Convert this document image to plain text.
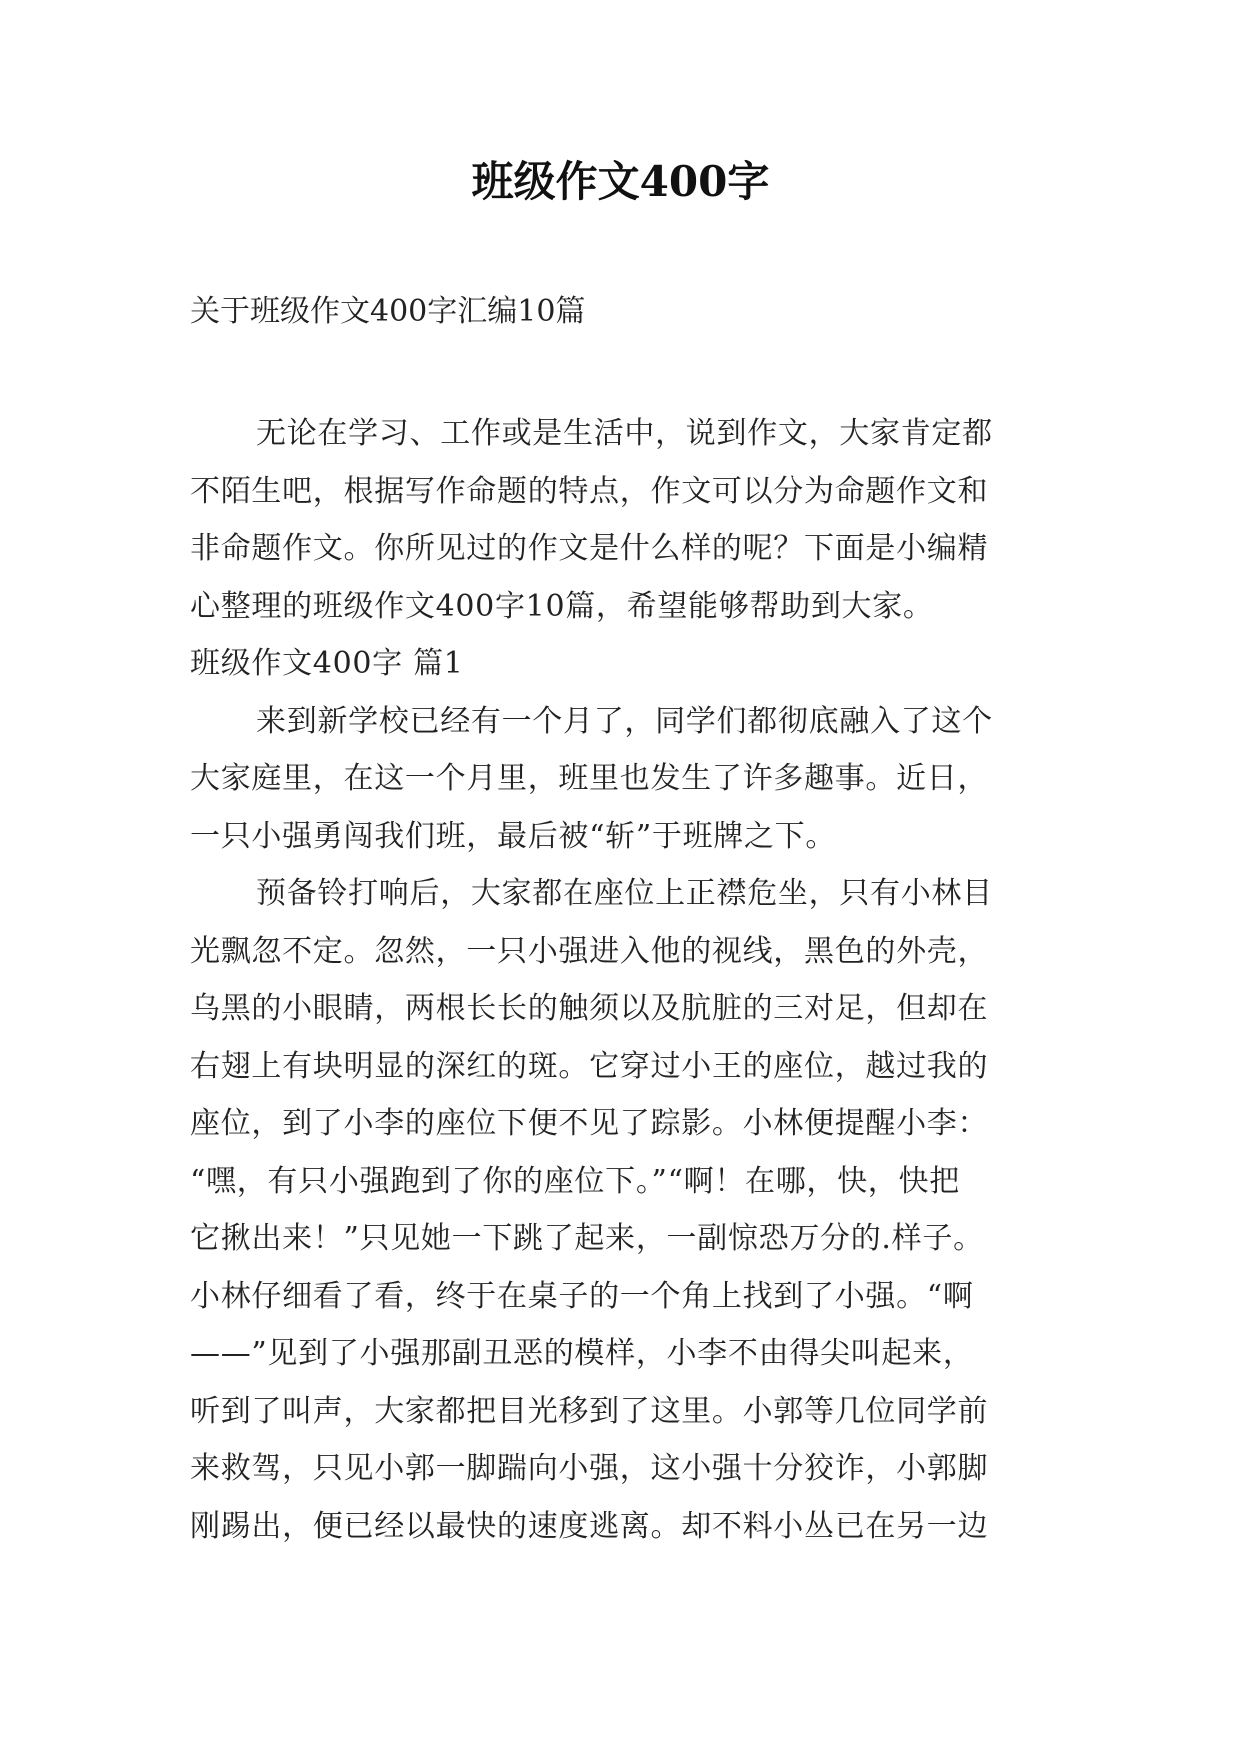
班级作文400字

关于班级作文400字汇编10篇

无论在学习、工作或是生活中，说到作文，大家肯定都
不陌生吧，根据写作命题的特点，作文可以分为命题作文和
非命题作文。你所见过的作文是什么样的呢？下面是小编精
心整理的班级作文400字10篇，希望能够帮助到大家。
班级作文400字 篇1
来到新学校已经有一个月了，同学们都彻底融入了这个
大家庭里，在这一个月里，班里也发生了许多趣事。近日，
一只小强勇闯我们班，最后被“斩”于班牌之下。
预备铃打响后，大家都在座位上正襟危坐，只有小林目
光飘忽不定。忽然，一只小强进入他的视线，黑色的外壳，
乌黑的小眼睛，两根长长的触须以及肮脏的三对足，但却在
右翅上有块明显的深红的斑。它穿过小王的座位，越过我的
座位，到了小李的座位下便不见了踪影。小林便提醒小李：
“嘿，有只小强跑到了你的座位下。”“啊！在哪，快，快把
它揪出来！”只见她一下跳了起来，一副惊恐万分的.样子。
小林仔细看了看，终于在桌子的一个角上找到了小强。“啊
——”见到了小强那副丑恶的模样，小李不由得尖叫起来，
听到了叫声，大家都把目光移到了这里。小郭等几位同学前
来救驾，只见小郭一脚踹向小强，这小强十分狡诈，小郭脚
刚踢出，便已经以最快的速度逃离。却不料小丛已在另一边
